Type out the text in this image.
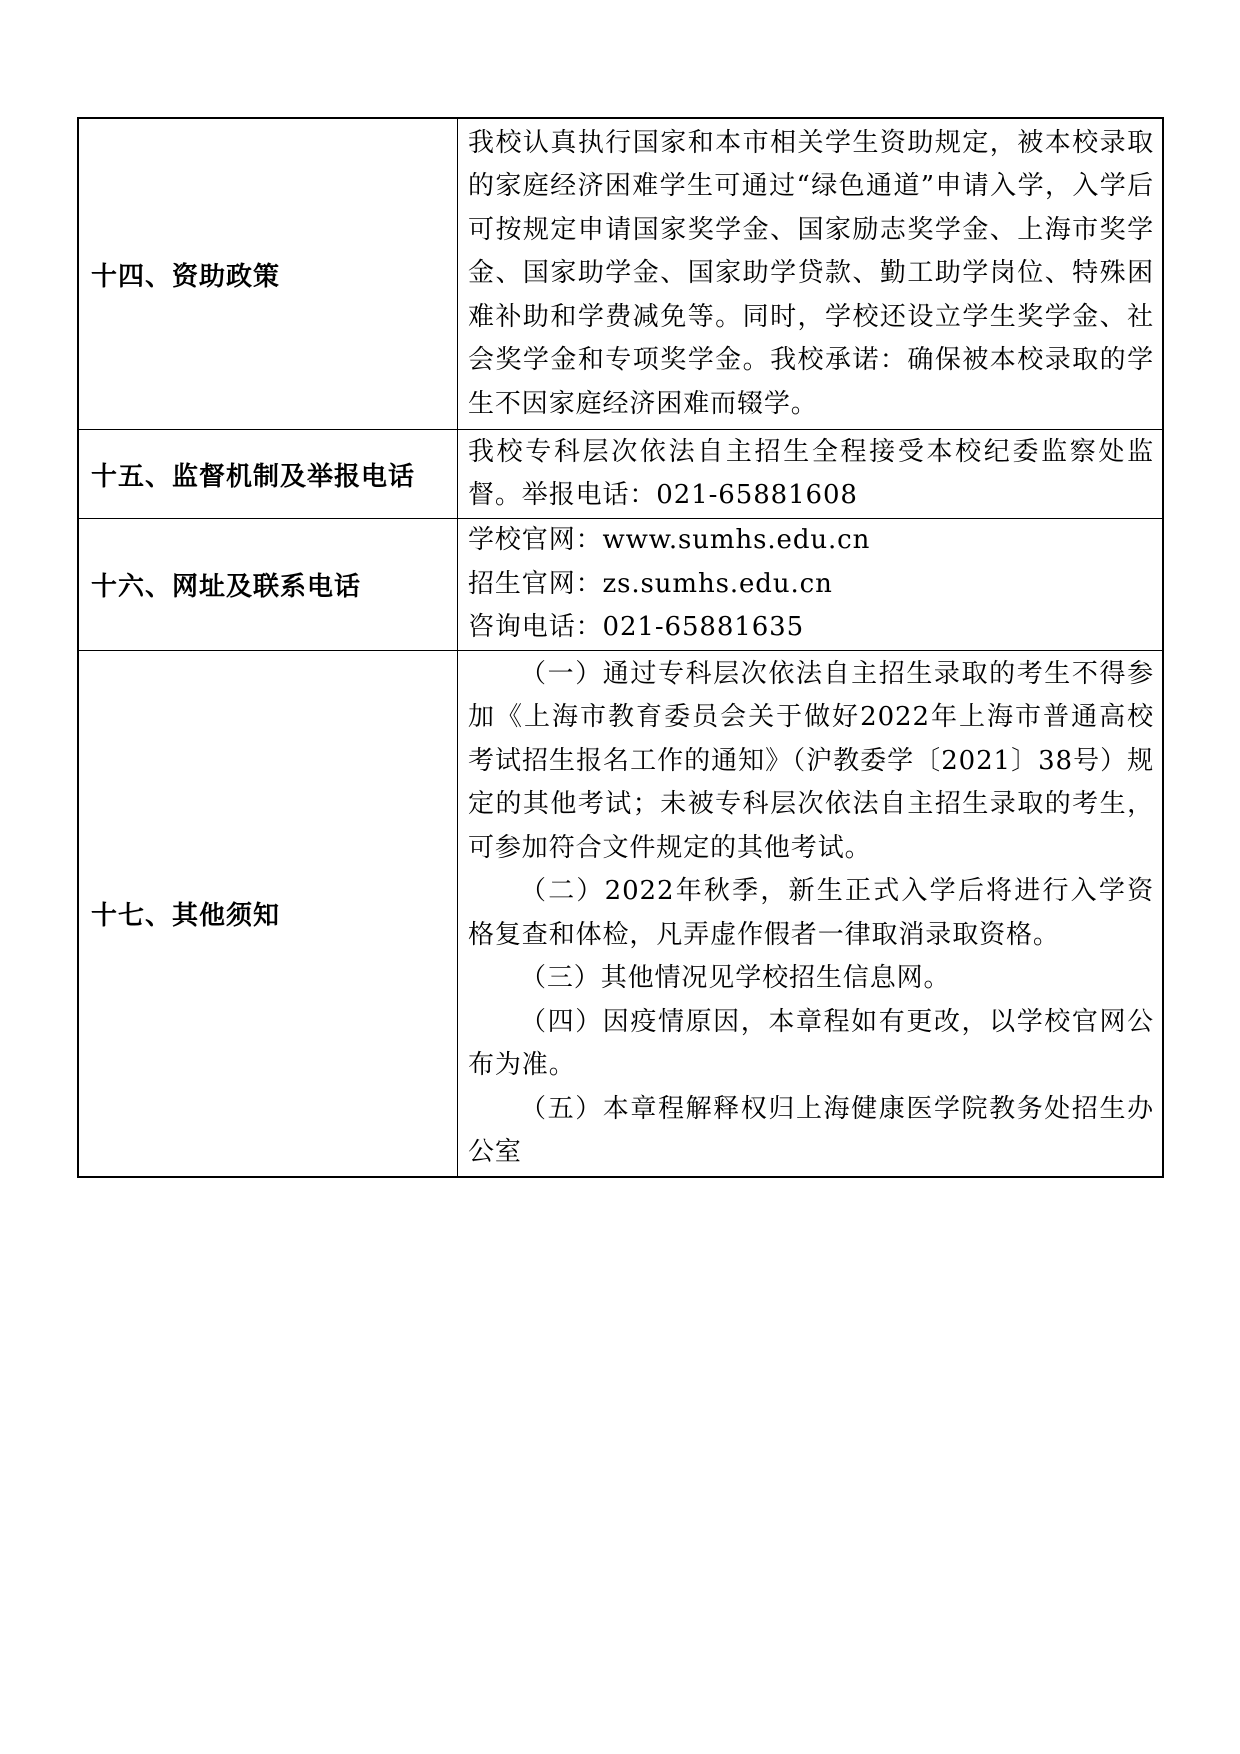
十四、资助政策	我校认真执行国家和本市相关学生资助规定，被本校录取的家庭经济困难学生可通过“绿色通道”申请入学，入学后可按规定申请国家奖学金、国家励志奖学金、上海市奖学金、国家助学金、国家助学贷款、勤工助学岗位、特殊困难补助和学费减免等。同时，学校还设立学生奖学金、社会奖学金和专项奖学金。我校承诺：确保被本校录取的学生不因家庭经济困难而辍学。

十五、监督机制及举报电话	我校专科层次依法自主招生全程接受本校纪委监察处监督。举报电话：021-65881608

十六、网址及联系电话	学校官网：www.sumhs.edu.cn

招生官网：zs.sumhs.edu.cn

咨询电话：021-65881635

十七、其他须知	（一）通过专科层次依法自主招生录取的考生不得参加《上海市教育委员会关于做好2022年上海市普通高校考试招生报名工作的通知》（沪教委学〔2021〕38号）规定的其他考试；未被专科层次依法自主招生录取的考生，可参加符合文件规定的其他考试。

（二）2022年秋季，新生正式入学后将进行入学资格复查和体检，凡弄虚作假者一律取消录取资格。

（三）其他情况见学校招生信息网。

（四）因疫情原因，本章程如有更改，以学校官网公布为准。

（五）本章程解释权归上海健康医学院教务处招生办公室
